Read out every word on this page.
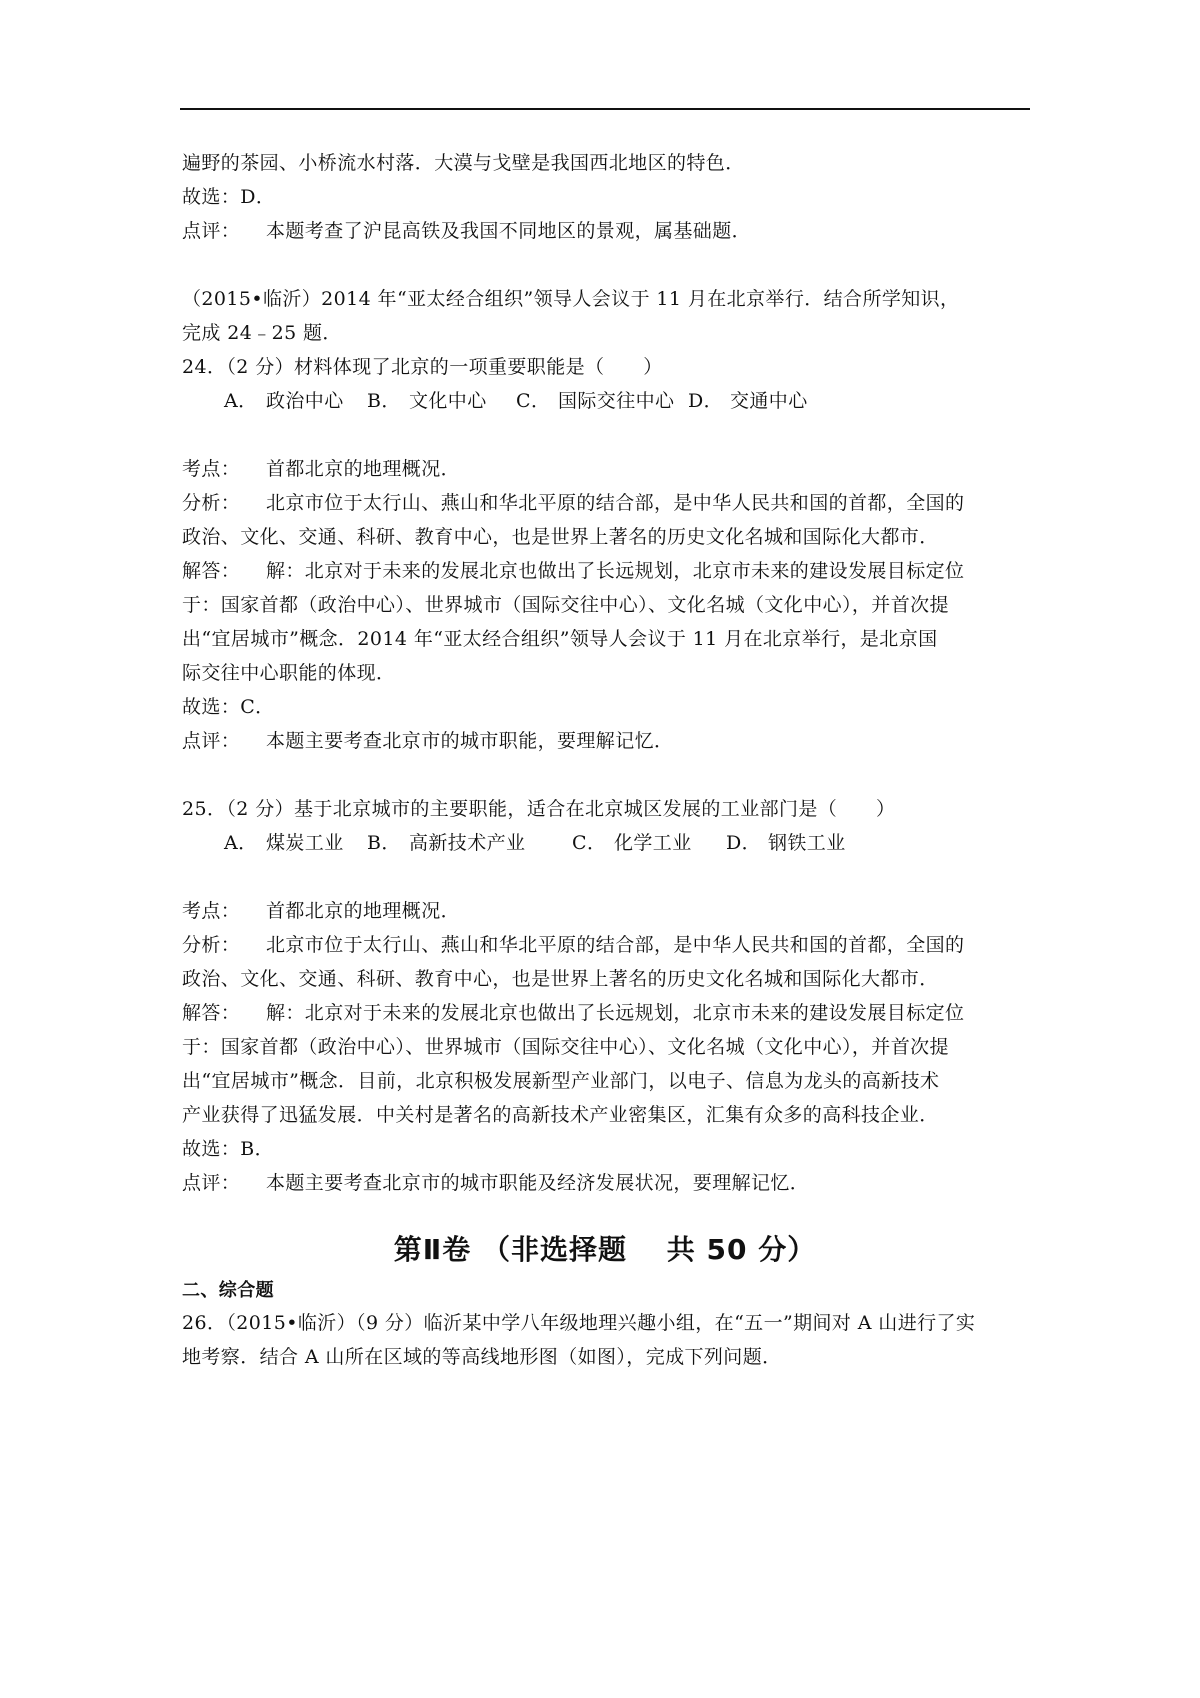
遍野的茶园、小桥流水村落．大漠与戈壁是我国西北地区的特色．
故选：D．
点评： 本题考查了沪昆高铁及我国不同地区的景观，属基础题．
（2015•临沂）2014 年“亚太经合组织”领导人会议于 11 月在北京举行．结合所学知识，
完成 24﹣25 题．
24．（2 分）材料体现了北京的一项重要职能是（　　）
A． 政治中心 B． 文化中心 C． 国际交往中心 D． 交通中心
考点： 首都北京的地理概况．
分析： 北京市位于太行山、燕山和华北平原的结合部，是中华人民共和国的首都，全国的
政治、文化、交通、科研、教育中心，也是世界上著名的历史文化名城和国际化大都市．
解答： 解：北京对于未来的发展北京也做出了长远规划，北京市未来的建设发展目标定位
于：国家首都（政治中心）、世界城市（国际交往中心）、文化名城（文化中心），并首次提
出“宜居城市”概念．2014 年“亚太经合组织”领导人会议于 11 月在北京举行，是北京国
际交往中心职能的体现．
故选：C．
点评： 本题主要考查北京市的城市职能，要理解记忆．
25．（2 分）基于北京城市的主要职能，适合在北京城区发展的工业部门是（　　）
A． 煤炭工业 B． 高新技术产业 C． 化学工业 D． 钢铁工业
考点： 首都北京的地理概况．
分析： 北京市位于太行山、燕山和华北平原的结合部，是中华人民共和国的首都，全国的
政治、文化、交通、科研、教育中心，也是世界上著名的历史文化名城和国际化大都市．
解答： 解：北京对于未来的发展北京也做出了长远规划，北京市未来的建设发展目标定位
于：国家首都（政治中心）、世界城市（国际交往中心）、文化名城（文化中心），并首次提
出“宜居城市”概念．目前，北京积极发展新型产业部门，以电子、信息为龙头的高新技术
产业获得了迅猛发展．中关村是著名的高新技术产业密集区，汇集有众多的高科技企业．
故选：B．
点评： 本题主要考查北京市的城市职能及经济发展状况，要理解记忆．
第Ⅱ卷 （非选择题　 共 50 分）
二、综合题
26．（2015•临沂）（9 分）临沂某中学八年级地理兴趣小组，在“五一”期间对 A 山进行了实
地考察．结合 A 山所在区域的等高线地形图（如图），完成下列问题．
